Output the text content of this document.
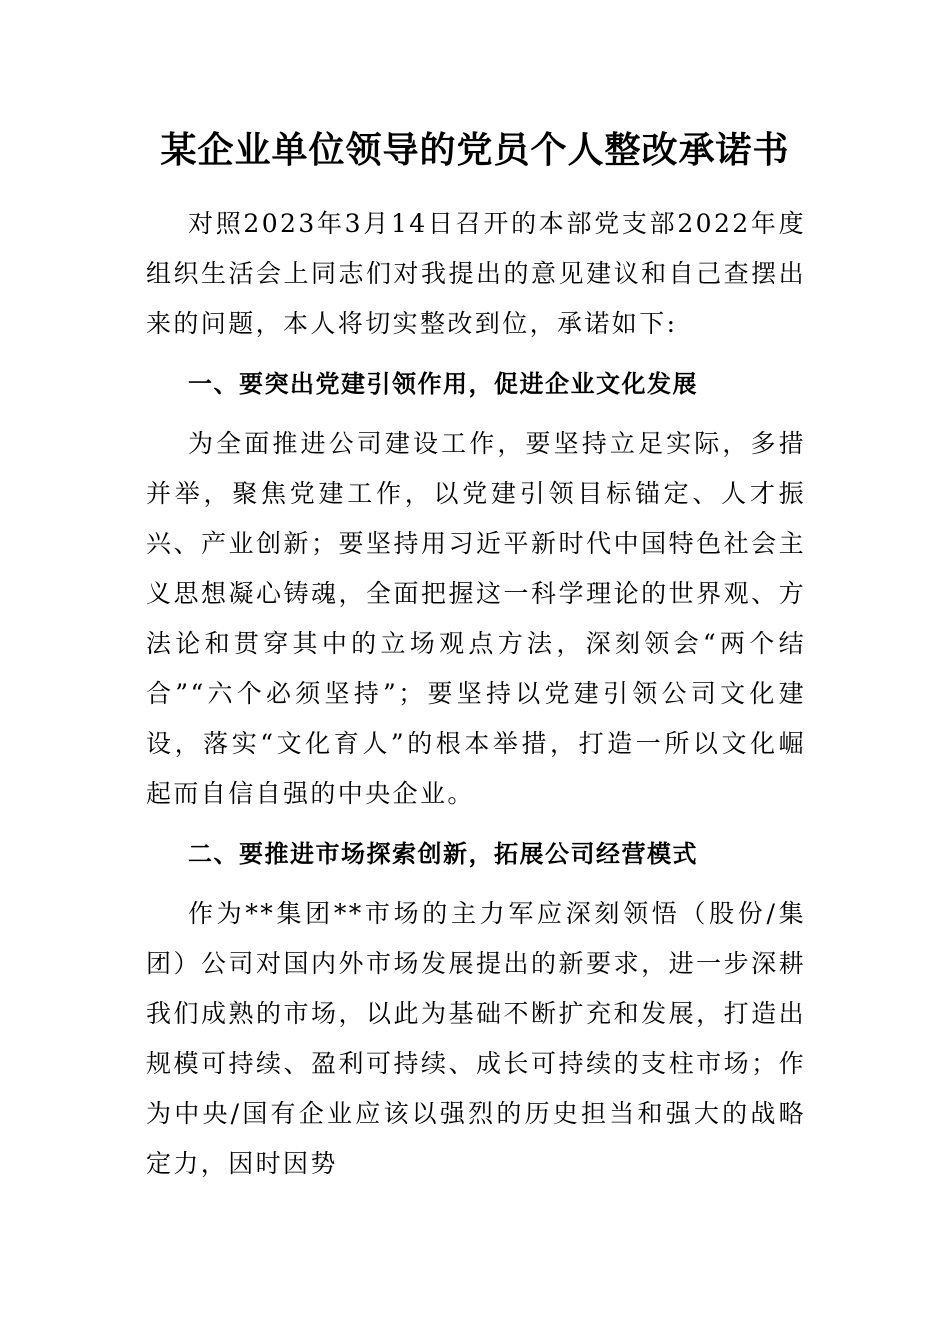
某企业单位领导的党员个人整改承诺书

对照2023年3月14日召开的本部党支部2022年度组织生活会上同志们对我提出的意见建议和自己查摆出来的问题，本人将切实整改到位，承诺如下:

一、要突出党建引领作用，促进企业文化发展

为全面推进公司建设工作，要坚持立足实际，多措并举，聚焦党建工作，以党建引领目标锚定、人才振兴、产业创新；要坚持用习近平新时代中国特色社会主义思想凝心铸魂，全面把握这一科学理论的世界观、方法论和贯穿其中的立场观点方法，深刻领会“两个结合”“六个必须坚持”；要坚持以党建引领公司文化建设，落实“文化育人”的根本举措，打造一所以文化崛起而自信自强的中央企业。

二、要推进市场探索创新，拓展公司经营模式

作为**集团**市场的主力军应深刻领悟（股份/集团）公司对国内外市场发展提出的新要求，进一步深耕我们成熟的市场，以此为基础不断扩充和发展，打造出规模可持续、盈利可持续、成长可持续的支柱市场；作为中央/国有企业应该以强烈的历史担当和强大的战略定力，因时因势
